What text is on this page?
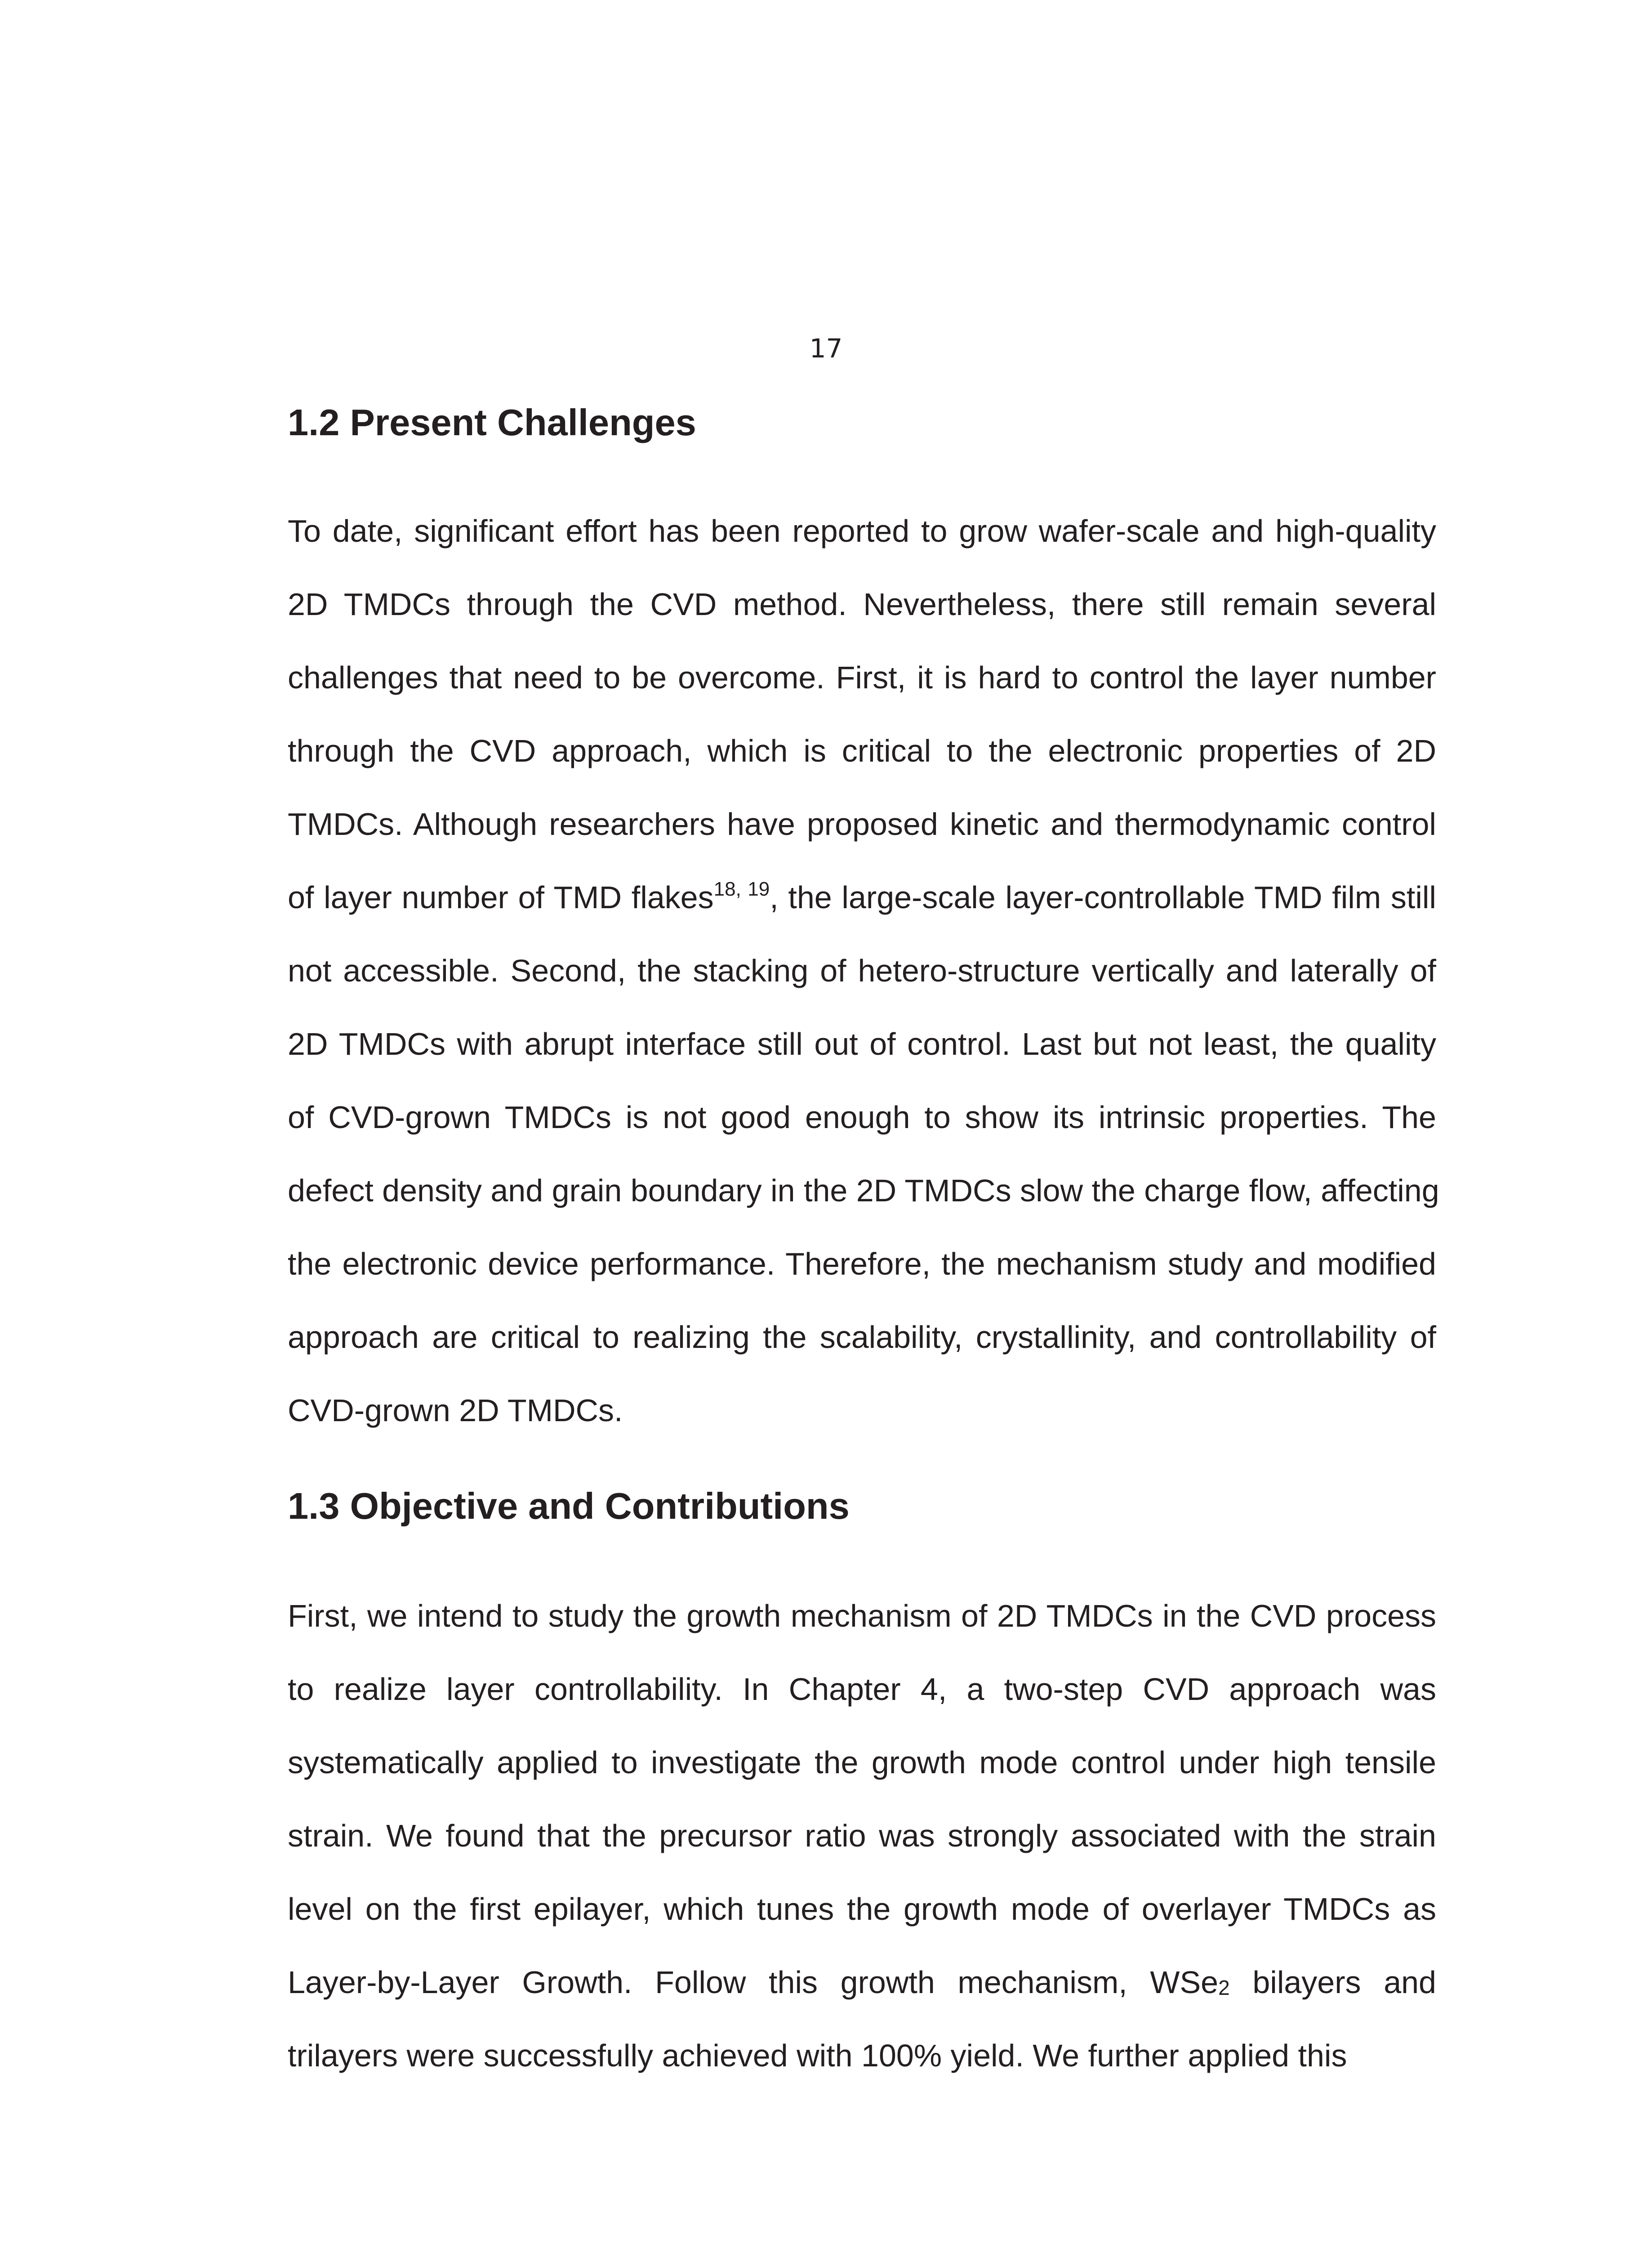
17
1.2 Present Challenges
To date, significant effort has been reported to grow wafer-scale and high-quality
2D TMDCs through the CVD method. Nevertheless, there still remain several
challenges that need to be overcome. First, it is hard to control the layer number
through the CVD approach, which is critical to the electronic properties of 2D
TMDCs. Although researchers have proposed kinetic and thermodynamic control
of layer number of TMD flakes$^{18, 19}$, the large-scale layer-controllable TMD film still
not accessible. Second, the stacking of hetero-structure vertically and laterally of
2D TMDCs with abrupt interface still out of control. Last but not least, the quality
of CVD-grown TMDCs is not good enough to show its intrinsic properties. The
defect density and grain boundary in the 2D TMDCs slow the charge flow, affecting
the electronic device performance. Therefore, the mechanism study and modified
approach are critical to realizing the scalability, crystallinity, and controllability of
CVD-grown 2D TMDCs.
1.3 Objective and Contributions
First, we intend to study the growth mechanism of 2D TMDCs in the CVD process
to realize layer controllability. In Chapter 4, a two-step CVD approach was
systematically applied to investigate the growth mode control under high tensile
strain. We found that the precursor ratio was strongly associated with the strain
level on the first epilayer, which tunes the growth mode of overlayer TMDCs as
Layer-by-Layer Growth. Follow this growth mechanism, WSe$_2$ bilayers and
trilayers were successfully achieved with 100% yield. We further applied this
